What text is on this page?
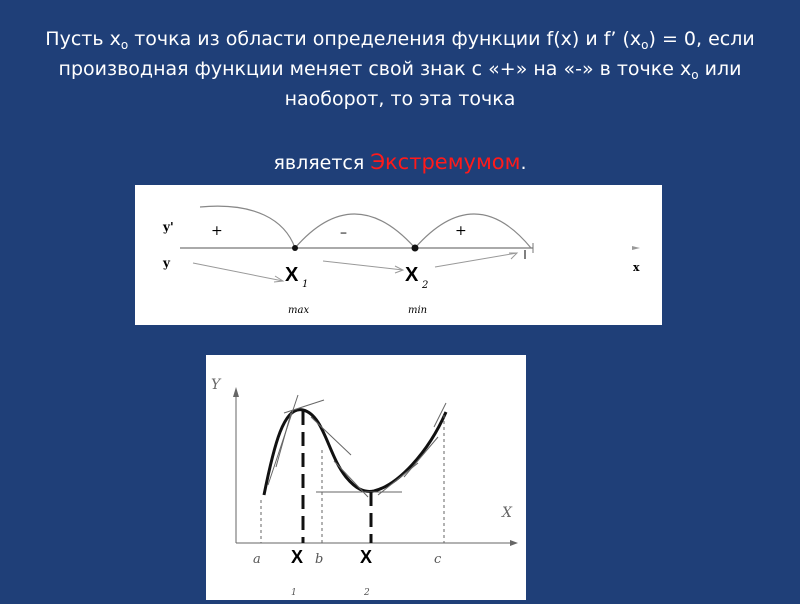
Пусть $х_о$ точка из области определения функции f(x) и f’ $(x_o) = 0$, если
производная функции меняет свой знак с «+» на «-» в точке $х_о$ или
наоборот, то эта точка
является Экстремумом.
y'
y
+	–	+
x
X 1	X 2
max	min
Y
X
a	b	c
X
1
X
2
